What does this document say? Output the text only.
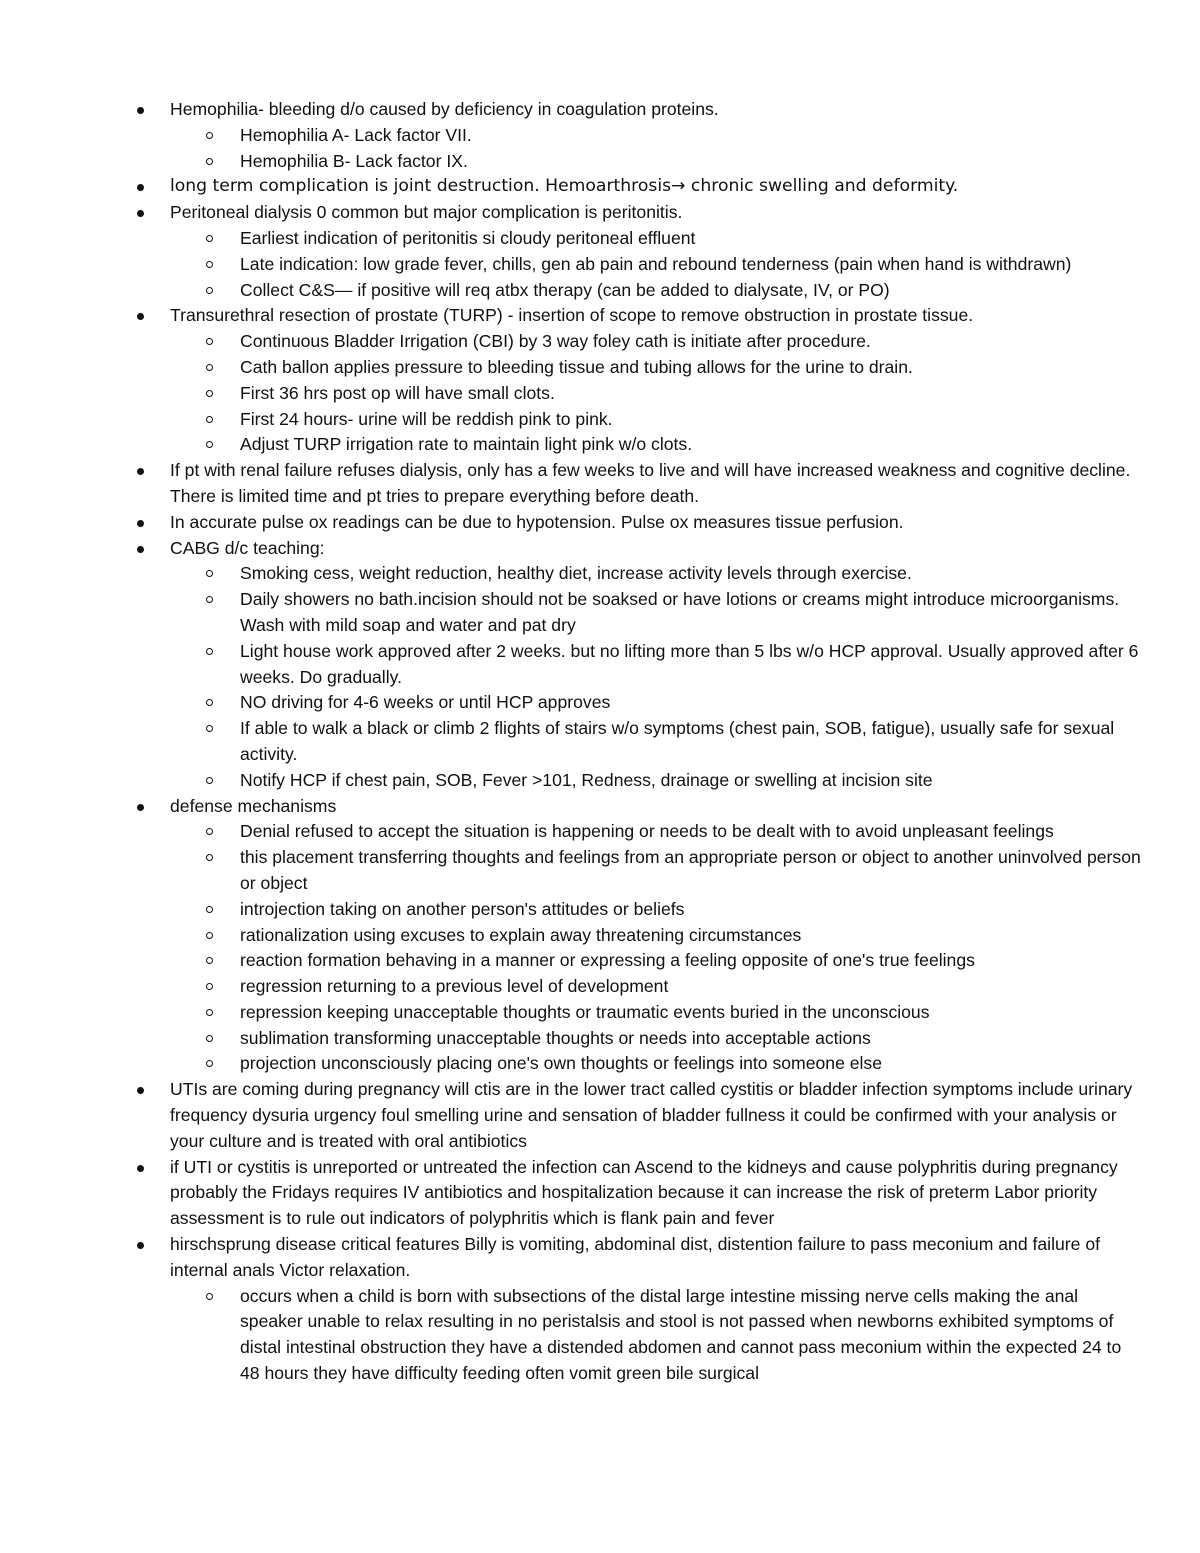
Hemophilia- bleeding d/o caused by deficiency in coagulation proteins.
Hemophilia A- Lack factor VII.
Hemophilia B- Lack factor IX.
long term complication is joint destruction. Hemoarthrosis→ chronic swelling and deformity.
Peritoneal dialysis 0 common but major complication is peritonitis.
Earliest indication of peritonitis si cloudy peritoneal effluent
Late indication: low grade fever, chills, gen ab pain and rebound tenderness (pain when hand is withdrawn)
Collect C&S— if positive will req atbx therapy (can be added to dialysate, IV, or PO)
Transurethral resection of prostate (TURP) - insertion of scope to remove obstruction in prostate tissue.
Continuous Bladder Irrigation (CBI) by 3 way foley cath is initiate after procedure.
Cath ballon applies pressure to bleeding tissue and tubing allows for the urine to drain.
First 36 hrs post op will have small clots.
First 24 hours- urine will be reddish pink to pink.
Adjust TURP irrigation rate to maintain light pink w/o clots.
If pt with renal failure refuses dialysis, only has a few weeks to live and will have increased weakness and cognitive decline. There is limited time and pt tries to prepare everything before death.
In accurate pulse ox readings can be due to hypotension. Pulse ox measures tissue perfusion.
CABG d/c teaching:
Smoking cess, weight reduction, healthy diet, increase activity levels through exercise.
Daily showers no bath.incision should not be soaksed or have lotions or creams might introduce microorganisms. Wash with mild soap and water and pat dry
Light house work approved after 2 weeks. but no lifting more than 5 lbs w/o HCP approval. Usually approved after 6 weeks. Do gradually.
NO driving for 4-6 weeks or until HCP approves
If able to walk a black or climb 2 flights of stairs w/o symptoms (chest pain, SOB, fatigue), usually safe for sexual activity.
Notify HCP if chest pain, SOB, Fever >101, Redness, drainage or swelling at incision site
defense mechanisms
Denial refused to accept the situation is happening or needs to be dealt with to avoid unpleasant feelings
this placement transferring thoughts and feelings from an appropriate person or object to another uninvolved person or object
introjection taking on another person's attitudes or beliefs
rationalization using excuses to explain away threatening circumstances
reaction formation behaving in a manner or expressing a feeling opposite of one's true feelings
regression returning to a previous level of development
repression keeping unacceptable thoughts or traumatic events buried in the unconscious
sublimation transforming unacceptable thoughts or needs into acceptable actions
projection unconsciously placing one's own thoughts or feelings into someone else
UTIs are coming during pregnancy will ctis are in the lower tract called cystitis or bladder infection symptoms include urinary frequency dysuria urgency foul smelling urine and sensation of bladder fullness it could be confirmed with your analysis or your culture and is treated with oral antibiotics
if UTI or cystitis is unreported or untreated the infection can Ascend to the kidneys and cause polyphritis during pregnancy probably the Fridays requires IV antibiotics and hospitalization because it can increase the risk of preterm Labor priority assessment is to rule out indicators of polyphritis which is flank pain and fever
hirschsprung disease critical features Billy is vomiting, abdominal dist, distention failure to pass meconium and failure of internal anals Victor relaxation.
occurs when a child is born with subsections of the distal large intestine missing nerve cells making the anal speaker unable to relax resulting in no peristalsis and stool is not passed when newborns exhibited symptoms of distal intestinal obstruction they have a distended abdomen and cannot pass meconium within the expected 24 to 48 hours they have difficulty feeding often vomit green bile surgical
